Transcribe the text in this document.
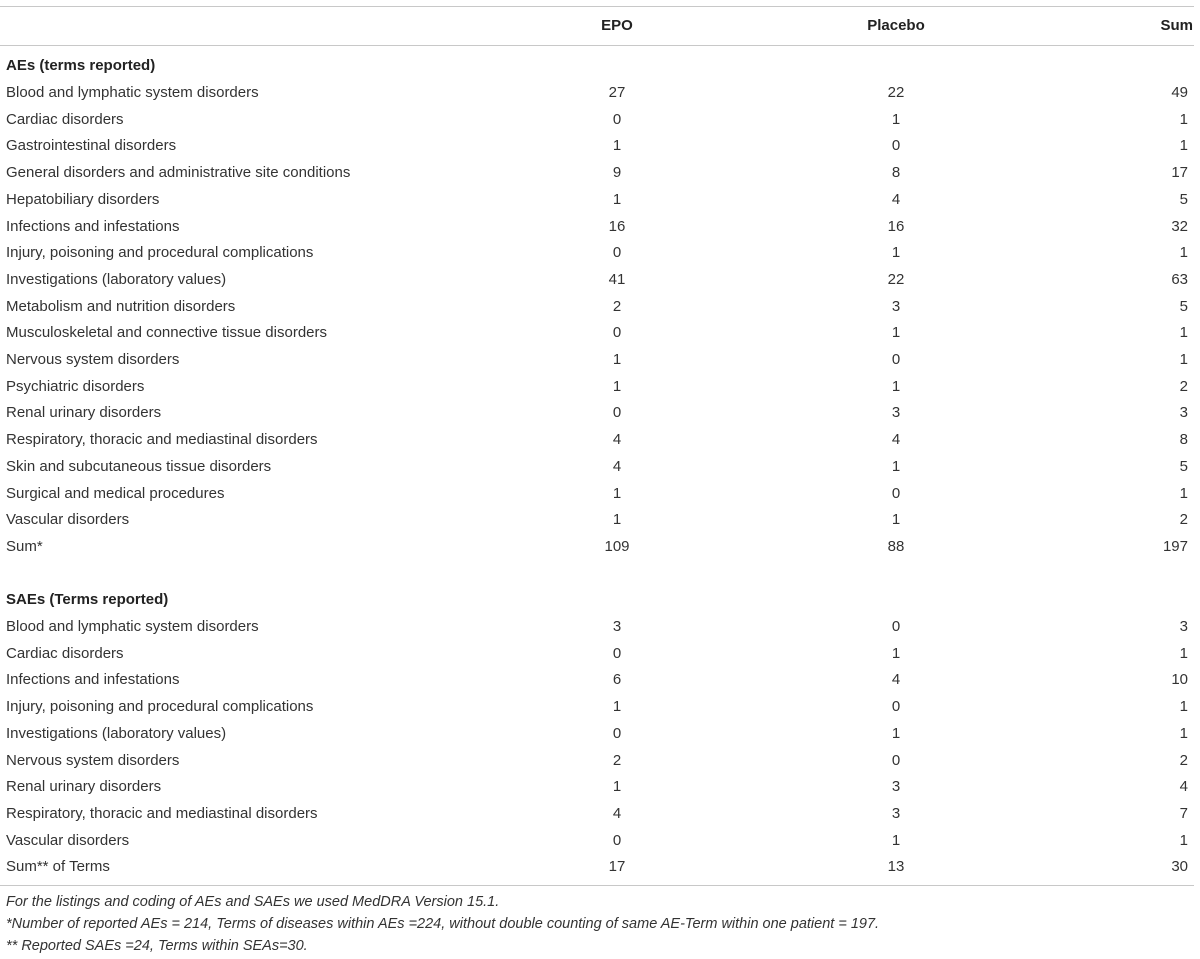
EPO	Placebo	Sum
AEs (terms reported)
Blood and lymphatic system disorders	27	22	49
Cardiac disorders	0	1	1
Gastrointestinal disorders	1	0	1
General disorders and administrative site conditions	9	8	17
Hepatobiliary disorders	1	4	5
Infections and infestations	16	16	32
Injury, poisoning and procedural complications	0	1	1
Investigations (laboratory values)	41	22	63
Metabolism and nutrition disorders	2	3	5
Musculoskeletal and connective tissue disorders	0	1	1
Nervous system disorders	1	0	1
Psychiatric disorders	1	1	2
Renal urinary disorders	0	3	3
Respiratory, thoracic and mediastinal disorders	4	4	8
Skin and subcutaneous tissue disorders	4	1	5
Surgical and medical procedures	1	0	1
Vascular disorders	1	1	2
Sum*	109	88	197
SAEs (Terms reported)
Blood and lymphatic system disorders	3	0	3
Cardiac disorders	0	1	1
Infections and infestations	6	4	10
Injury, poisoning and procedural complications	1	0	1
Investigations (laboratory values)	0	1	1
Nervous system disorders	2	0	2
Renal urinary disorders	1	3	4
Respiratory, thoracic and mediastinal disorders	4	3	7
Vascular disorders	0	1	1
Sum** of Terms	17	13	30
For the listings and coding of AEs and SAEs we used MedDRA Version 15.1.
*Number of reported AEs = 214, Terms of diseases within AEs =224, without double counting of same AE-Term within one patient = 197.
** Reported SAEs =24, Terms within SEAs=30.
